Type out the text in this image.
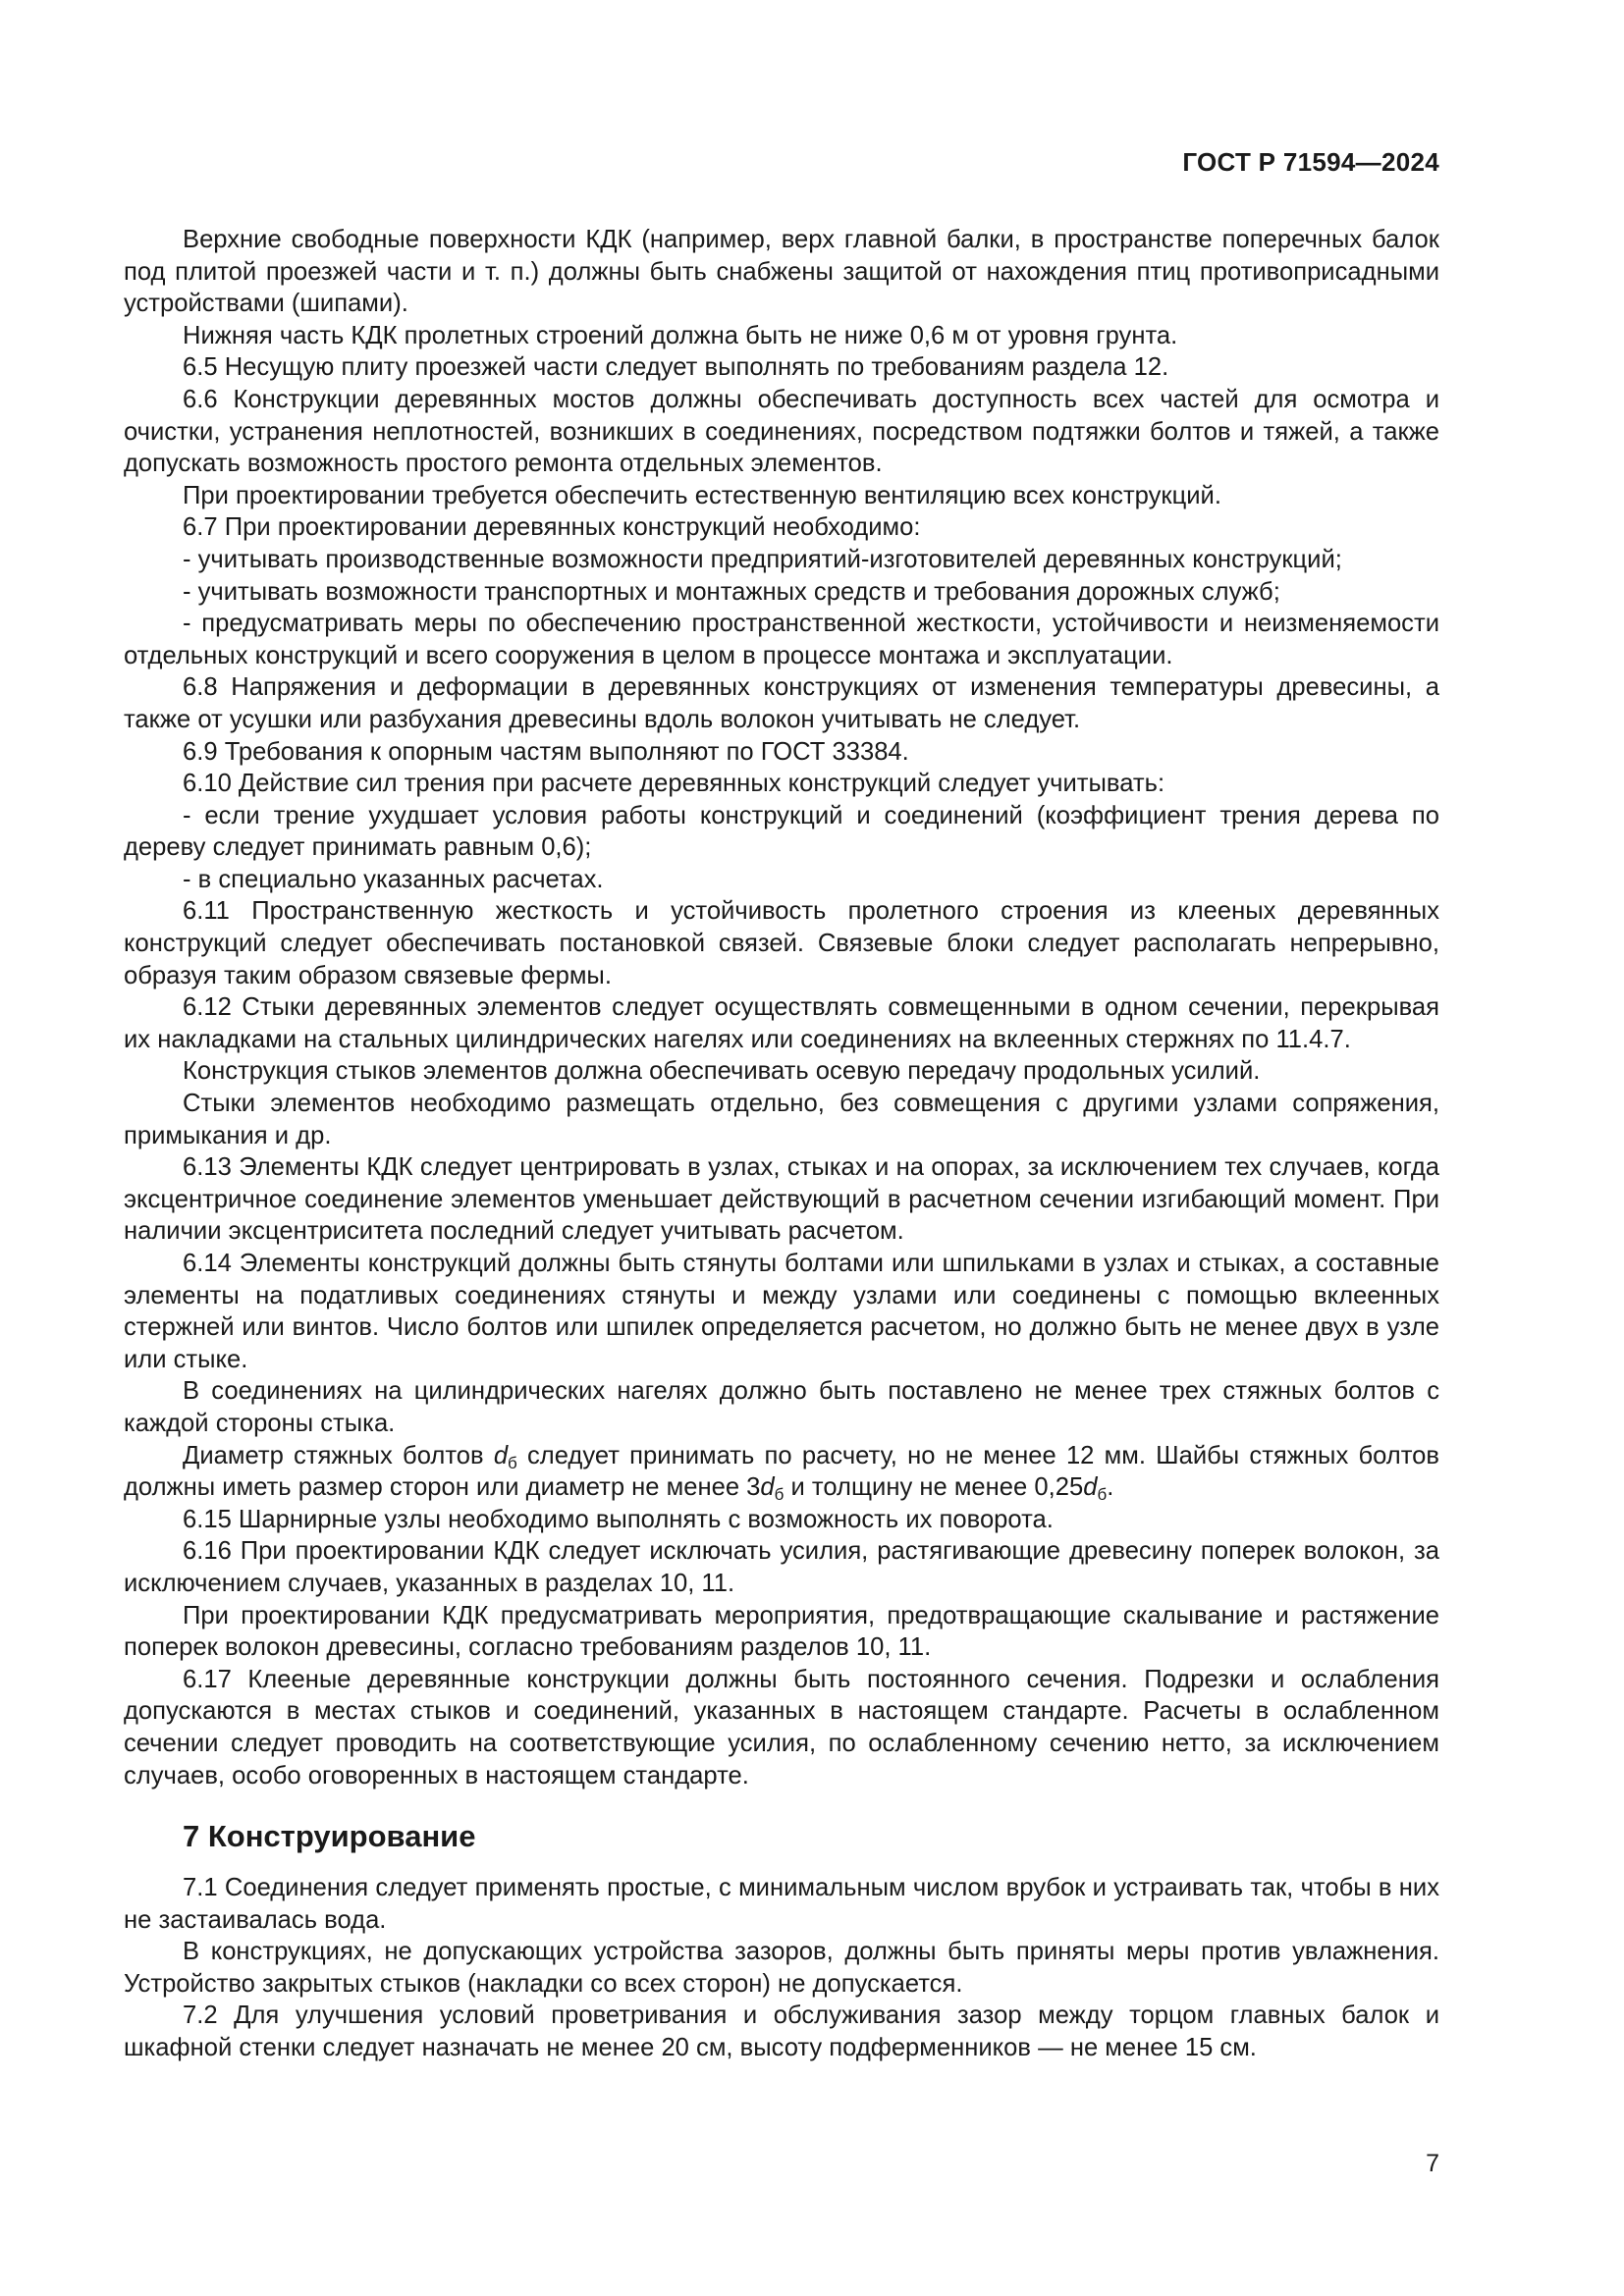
ГОСТ Р 71594—2024

Верхние свободные поверхности КДК (например, верх главной балки, в пространстве поперечных балок под плитой проезжей части и т. п.) должны быть снабжены защитой от нахождения птиц противоприсадными устройствами (шипами).

Нижняя часть КДК пролетных строений должна быть не ниже 0,6 м от уровня грунта.

6.5 Несущую плиту проезжей части следует выполнять по требованиям раздела 12.

6.6 Конструкции деревянных мостов должны обеспечивать доступность всех частей для осмотра и очистки, устранения неплотностей, возникших в соединениях, посредством подтяжки болтов и тяжей, а также допускать возможность простого ремонта отдельных элементов.

При проектировании требуется обеспечить естественную вентиляцию всех конструкций.

6.7 При проектировании деревянных конструкций необходимо:

- учитывать производственные возможности предприятий-изготовителей деревянных конструкций;

- учитывать возможности транспортных и монтажных средств и требования дорожных служб;

- предусматривать меры по обеспечению пространственной жесткости, устойчивости и неизменяемости отдельных конструкций и всего сооружения в целом в процессе монтажа и эксплуатации.

6.8 Напряжения и деформации в деревянных конструкциях от изменения температуры древесины, а также от усушки или разбухания древесины вдоль волокон учитывать не следует.

6.9 Требования к опорным частям выполняют по ГОСТ 33384.

6.10 Действие сил трения при расчете деревянных конструкций следует учитывать:

- если трение ухудшает условия работы конструкций и соединений (коэффициент трения дерева по дереву следует принимать равным 0,6);

- в специально указанных расчетах.

6.11 Пространственную жесткость и устойчивость пролетного строения из клееных деревянных конструкций следует обеспечивать постановкой связей. Связевые блоки следует располагать непрерывно, образуя таким образом связевые фермы.

6.12 Стыки деревянных элементов следует осуществлять совмещенными в одном сечении, перекрывая их накладками на стальных цилиндрических нагелях или соединениях на вклеенных стержнях по 11.4.7.

Конструкция стыков элементов должна обеспечивать осевую передачу продольных усилий.

Стыки элементов необходимо размещать отдельно, без совмещения с другими узлами сопряжения, примыкания и др.

6.13 Элементы КДК следует центрировать в узлах, стыках и на опорах, за исключением тех случаев, когда эксцентричное соединение элементов уменьшает действующий в расчетном сечении изгибающий момент. При наличии эксцентриситета последний следует учитывать расчетом.

6.14 Элементы конструкций должны быть стянуты болтами или шпильками в узлах и стыках, а составные элементы на податливых соединениях стянуты и между узлами или соединены с помощью вклеенных стержней или винтов. Число болтов или шпилек определяется расчетом, но должно быть не менее двух в узле или стыке.

В соединениях на цилиндрических нагелях должно быть поставлено не менее трех стяжных болтов с каждой стороны стыка.

Диаметр стяжных болтов $d_б$ следует принимать по расчету, но не менее 12 мм. Шайбы стяжных болтов должны иметь размер сторон или диаметр не менее $3d_б$ и толщину не менее $0,25d_б$.

6.15 Шарнирные узлы необходимо выполнять с возможность их поворота.

6.16 При проектировании КДК следует исключать усилия, растягивающие древесину поперек волокон, за исключением случаев, указанных в разделах 10, 11.

При проектировании КДК предусматривать мероприятия, предотвращающие скалывание и растяжение поперек волокон древесины, согласно требованиям разделов 10, 11.

6.17 Клееные деревянные конструкции должны быть постоянного сечения. Подрезки и ослабления допускаются в местах стыков и соединений, указанных в настоящем стандарте. Расчеты в ослабленном сечении следует проводить на соответствующие усилия, по ослабленному сечению нетто, за исключением случаев, особо оговоренных в настоящем стандарте.

7 Конструирование

7.1 Соединения следует применять простые, с минимальным числом врубок и устраивать так, чтобы в них не застаивалась вода.

В конструкциях, не допускающих устройства зазоров, должны быть приняты меры против увлажнения. Устройство закрытых стыков (накладки со всех сторон) не допускается.

7.2 Для улучшения условий проветривания и обслуживания зазор между торцом главных балок и шкафной стенки следует назначать не менее 20 см, высоту подферменников — не менее 15 см.

7
